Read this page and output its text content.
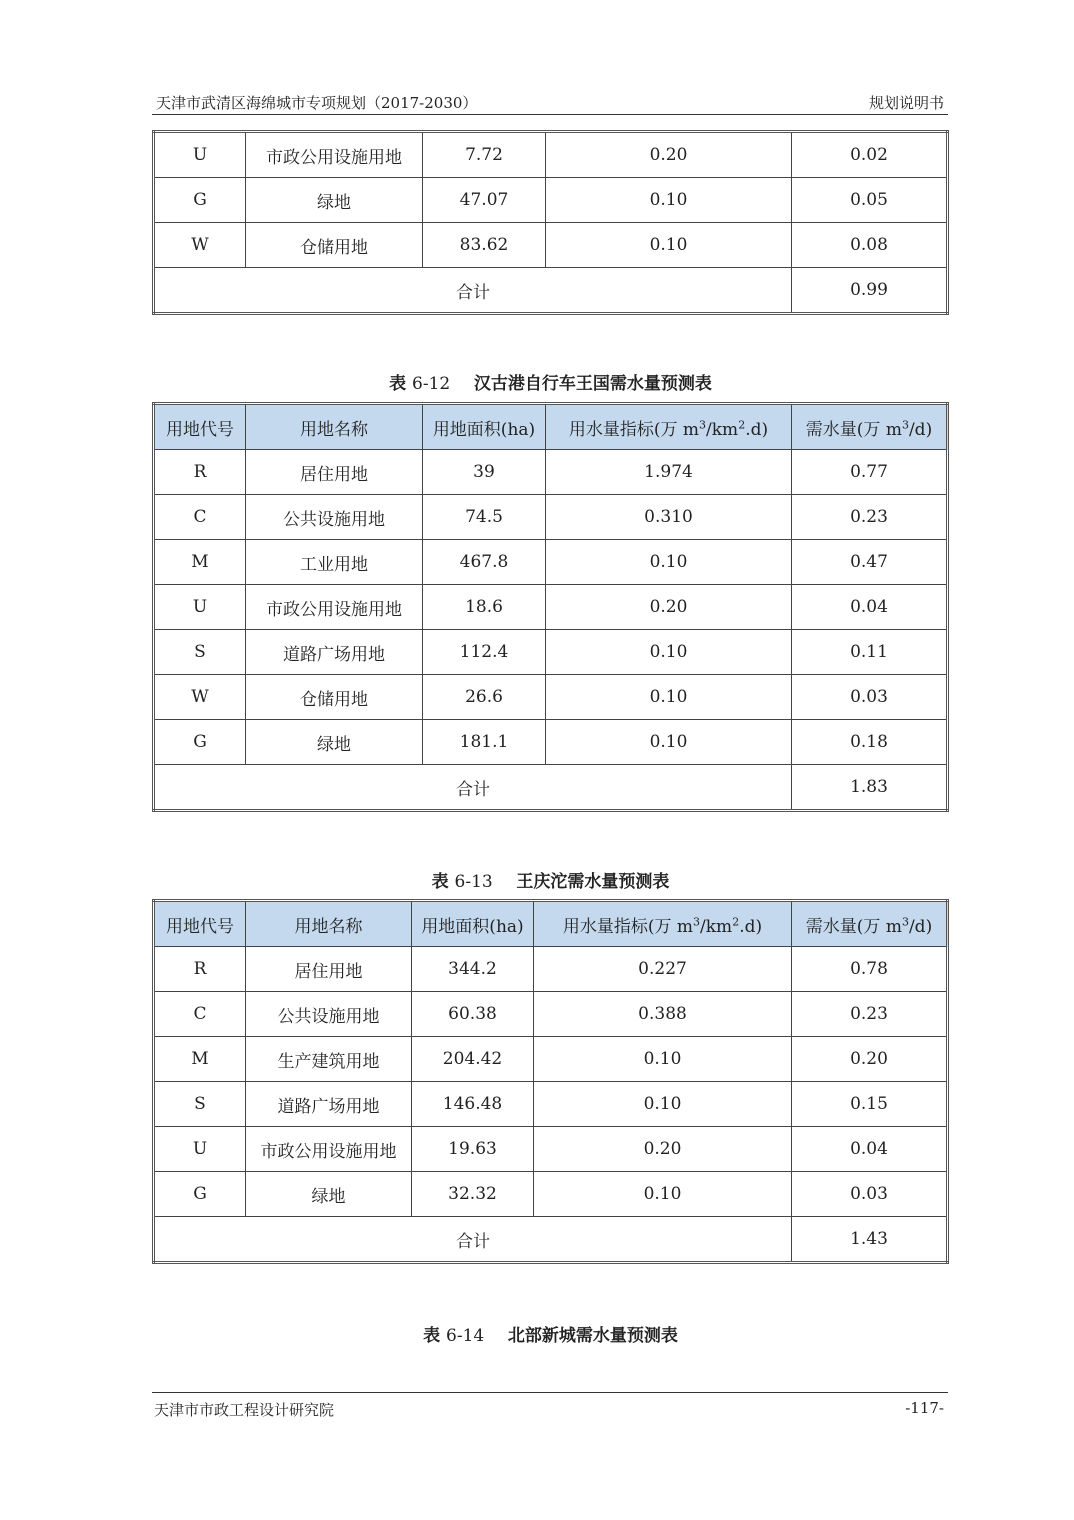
天津市武清区海绵城市专项规划（2017-2030）	规划说明书
U	市政公用设施用地	7.72	0.20	0.02
G	绿地	47.07	0.10	0.05
W	仓储用地	83.62	0.10	0.08
合计				0.99
表 6-12 汉古港自行车王国需水量预测表
用地代号	用地名称	用地面积(ha)	用水量指标(万 $m^3/km^2.d$)	需水量(万 $m^3/d$)
R	居住用地	39	1.974	0.77
C	公共设施用地	74.5	0.310	0.23
M	工业用地	467.8	0.10	0.47
U	市政公用设施用地	18.6	0.20	0.04
S	道路广场用地	112.4	0.10	0.11
W	仓储用地	26.6	0.10	0.03
G	绿地	181.1	0.10	0.18
合计				1.83
表 6-13 王庆沱需水量预测表
用地代号	用地名称	用地面积(ha)	用水量指标(万 $m^3/km^2.d$)	需水量(万 $m^3/d$)
R	居住用地	344.2	0.227	0.78
C	公共设施用地	60.38	0.388	0.23
M	生产建筑用地	204.42	0.10	0.20
S	道路广场用地	146.48	0.10	0.15
U	市政公用设施用地	19.63	0.20	0.04
G	绿地	32.32	0.10	0.03
合计				1.43
表 6-14 北部新城需水量预测表
天津市市政工程设计研究院	-117-
